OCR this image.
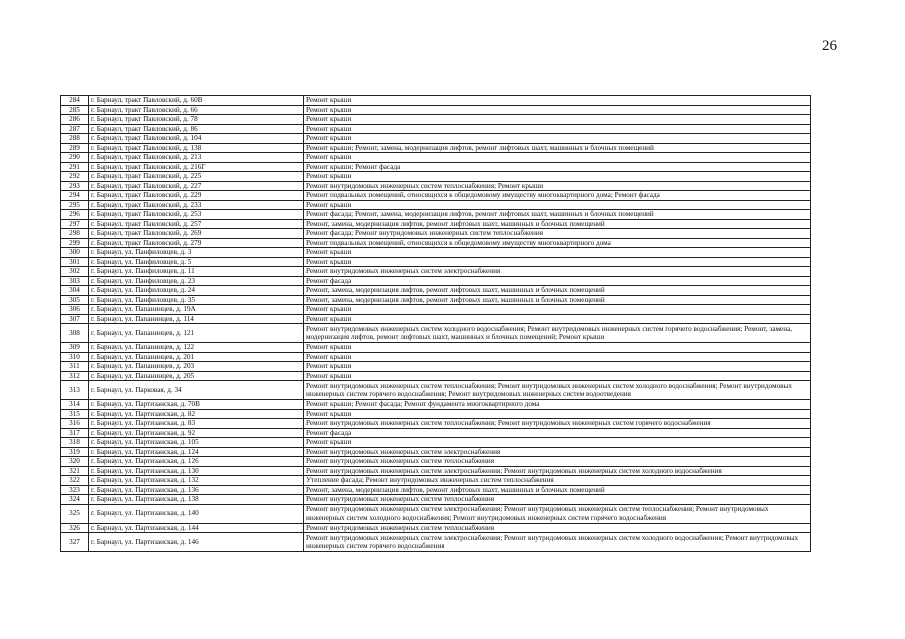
26
284	г. Барнаул, тракт Павловский, д. 60В	Ремонт крыши
285	г. Барнаул, тракт Павловский, д. 66	Ремонт крыши
286	г. Барнаул, тракт Павловский, д. 78	Ремонт крыши
287	г. Барнаул, тракт Павловский, д. 86	Ремонт крыши
288	г. Барнаул, тракт Павловский, д. 104	Ремонт крыши
289	г. Барнаул, тракт Павловский, д. 138	Ремонт крыши; Ремонт, замена, модернизация лифтов, ремонт лифтовых шахт, машинных и блочных помещений
290	г. Барнаул, тракт Павловский, д. 213	Ремонт крыши
291	г. Барнаул, тракт Павловский, д. 216Г	Ремонт крыши; Ремонт фасада
292	г. Барнаул, тракт Павловский, д. 225	Ремонт крыши
293	г. Барнаул, тракт Павловский, д. 227	Ремонт внутридомовых инженерных систем теплоснабжения; Ремонт крыши
294	г. Барнаул, тракт Павловский, д. 229	Ремонт подвальных помещений, относящихся к общедомовому имуществу многоквартирного дома; Ремонт фасада
295	г. Барнаул, тракт Павловский, д. 233	Ремонт крыши
296	г. Барнаул, тракт Павловский, д. 253	Ремонт фасада; Ремонт, замена, модернизация лифтов, ремонт лифтовых шахт, машинных и блочных помещений
297	г. Барнаул, тракт Павловский, д. 257	Ремонт, замена, модернизация лифтов, ремонт лифтовых шахт, машинных и блочных помещений
298	г. Барнаул, тракт Павловский, д. 269	Ремонт фасада; Ремонт внутридомовых инженерных систем теплоснабжения
299	г. Барнаул, тракт Павловский, д. 279	Ремонт подвальных помещений, относящихся к общедомовому имуществу многоквартирного дома
300	г. Барнаул, ул. Панфиловцев, д. 3	Ремонт крыши
301	г. Барнаул, ул. Панфиловцев, д. 5	Ремонт крыши
302	г. Барнаул, ул. Панфиловцев, д. 11	Ремонт внутридомовых инженерных систем электроснабжения
303	г. Барнаул, ул. Панфиловцев, д. 23	Ремонт фасада
304	г. Барнаул, ул. Панфиловцев, д. 24	Ремонт, замена, модернизация лифтов, ремонт лифтовых шахт, машинных и блочных помещений
305	г. Барнаул, ул. Панфиловцев, д. 35	Ремонт, замена, модернизация лифтов, ремонт лифтовых шахт, машинных и блочных помещений
306	г. Барнаул, ул. Папанинцев, д. 19А	Ремонт крыши
307	г. Барнаул, ул. Папанинцев, д. 114	Ремонт крыши
308	г. Барнаул, ул. Папанинцев, д. 121	Ремонт внутридомовых инженерных систем холодного водоснабжения; Ремонт внутридомовых инженерных систем горячего водоснабжения; Ремонт, замена, модернизация лифтов, ремонт лифтовых шахт, машинных и блочных помещений; Ремонт крыши
309	г. Барнаул, ул. Папанинцев, д. 122	Ремонт крыши
310	г. Барнаул, ул. Папанинцев, д. 201	Ремонт крыши
311	г. Барнаул, ул. Папанинцев, д. 203	Ремонт крыши
312	г. Барнаул, ул. Папанинцев, д. 205	Ремонт крыши
313	г. Барнаул, ул. Парковая, д. 34	Ремонт внутридомовых инженерных систем теплоснабжения; Ремонт внутридомовых инженерных систем холодного водоснабжения; Ремонт внутридомовых инженерных систем горячего водоснабжения; Ремонт внутридомовых инженерных систем водоотведения
314	г. Барнаул, ул. Партизанская, д. 70В	Ремонт крыши; Ремонт фасада; Ремонт фундамента многоквартирного дома
315	г. Барнаул, ул. Партизанская, д. 82	Ремонт крыши
316	г. Барнаул, ул. Партизанская, д. 83	Ремонт внутридомовых инженерных систем теплоснабжения; Ремонт внутридомовых инженерных систем горячего водоснабжения
317	г. Барнаул, ул. Партизанская, д. 92	Ремонт фасада
318	г. Барнаул, ул. Партизанская, д. 105	Ремонт крыши
319	г. Барнаул, ул. Партизанская, д. 124	Ремонт внутридомовых инженерных систем электроснабжения
320	г. Барнаул, ул. Партизанская, д. 126	Ремонт внутридомовых инженерных систем теплоснабжения
321	г. Барнаул, ул. Партизанская, д. 130	Ремонт внутридомовых инженерных систем электроснабжения; Ремонт внутридомовых инженерных систем холодного водоснабжения
322	г. Барнаул, ул. Партизанская, д. 132	Утепление фасада; Ремонт внутридомовых инженерных систем теплоснабжения
323	г. Барнаул, ул. Партизанская, д. 136	Ремонт, замена, модернизация лифтов, ремонт лифтовых шахт, машинных и блочных помещений
324	г. Барнаул, ул. Партизанская, д. 138	Ремонт внутридомовых инженерных систем теплоснабжения
325	г. Барнаул, ул. Партизанская, д. 140	Ремонт внутридомовых инженерных систем электроснабжения; Ремонт внутридомовых инженерных систем теплоснабжения; Ремонт внутридомовых инженерных систем холодного водоснабжения; Ремонт внутридомовых инженерных систем горячего водоснабжения
326	г. Барнаул, ул. Партизанская, д. 144	Ремонт внутридомовых инженерных систем теплоснабжения
327	г. Барнаул, ул. Партизанская, д. 146	Ремонт внутридомовых инженерных систем электроснабжения; Ремонт внутридомовых инженерных систем холодного водоснабжения; Ремонт внутридомовых инженерных систем горячего водоснабжения
